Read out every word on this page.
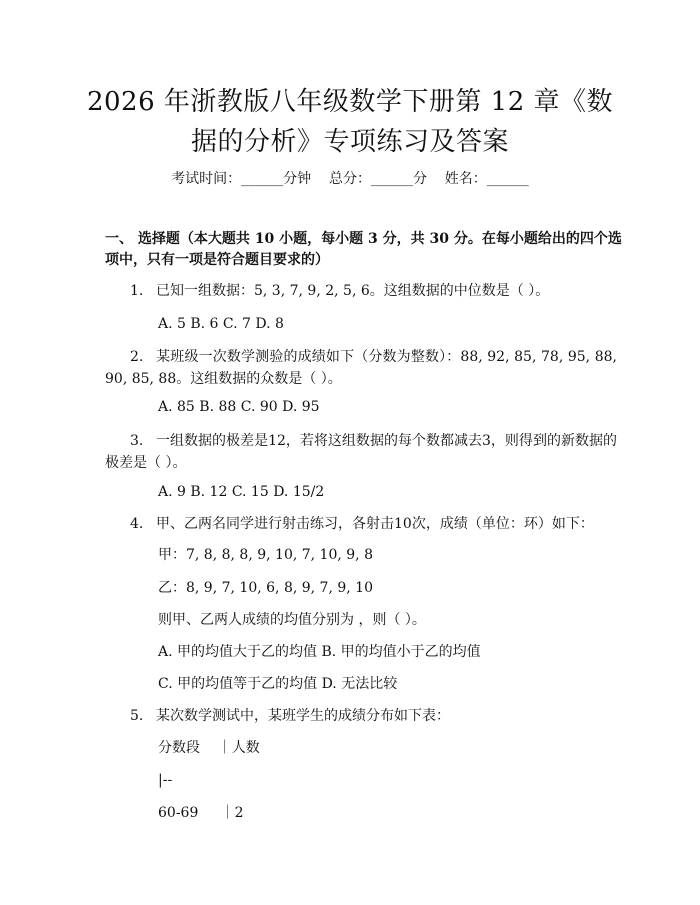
2026 年浙教版八年级数学下册第 12 章《数
据的分析》专项练习及答案
考试时间：______分钟    总分：______分    姓名：______
一、 选择题（本大题共 10 小题，每小题 3 分，共 30 分。在每小题给出的四个选项中，只有一项是符合题目要求的）
1. 已知一组数据：5, 3, 7, 9, 2, 5, 6。这组数据的中位数是（ ）。
A. 5 B. 6 C. 7 D. 8
2. 某班级一次数学测验的成绩如下（分数为整数）：88, 92, 85, 78, 95, 88, 90, 85, 88。这组数据的众数是（ ）。
A. 85 B. 88 C. 90 D. 95
3. 一组数据的极差是12，若将这组数据的每个数都减去3，则得到的新数据的极差是（ ）。
A. 9 B. 12 C. 15 D. 15/2
4. 甲、乙两名同学进行射击练习，各射击10次，成绩（单位：环）如下：
甲：7, 8, 8, 8, 9, 10, 7, 10, 9, 8
乙：8, 9, 7, 10, 6, 8, 9, 7, 9, 10
则甲、乙两人成绩的均值分别为 ，则（ ）。
A. 甲的均值大于乙的均值 B. 甲的均值小于乙的均值
C. 甲的均值等于乙的均值 D. 无法比较
5. 某次数学测试中，某班学生的成绩分布如下表：
分数段    ｜人数
|--
60-69     ｜2
